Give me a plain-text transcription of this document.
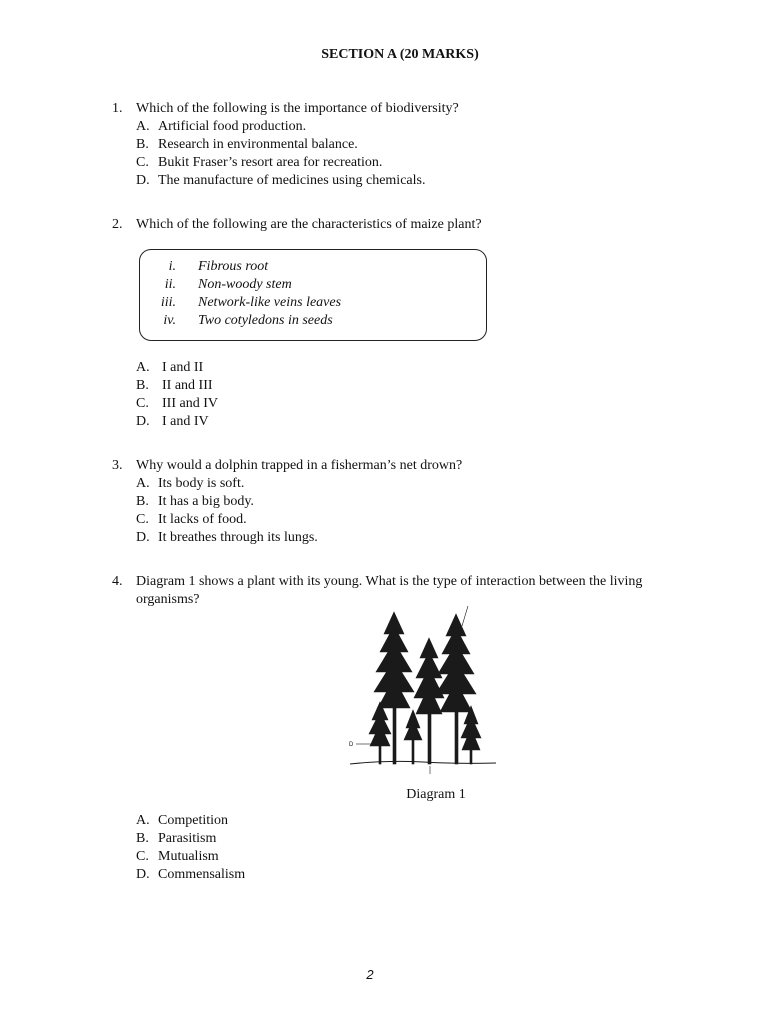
SECTION A (20 MARKS)
1. Which of the following is the importance of biodiversity?
A. Artificial food production.
B. Research in environmental balance.
C. Bukit Fraser’s resort area for recreation.
D. The manufacture of medicines using chemicals.
2. Which of the following are the characteristics of maize plant?
i. Fibrous root
ii. Non-woody stem
iii. Network-like veins leaves
iv. Two cotyledons in seeds
A. I and II
B. II and III
C. III and IV
D. I and IV
3. Why would a dolphin trapped in a fisherman’s net drown?
A. Its body is soft.
B. It has a big body.
C. It lacks of food.
D. It breathes through its lungs.
4. Diagram 1 shows a plant with its young. What is the type of interaction between the living organisms?
D
Diagram 1
A. Competition
B. Parasitism
C. Mutualism
D. Commensalism
2
